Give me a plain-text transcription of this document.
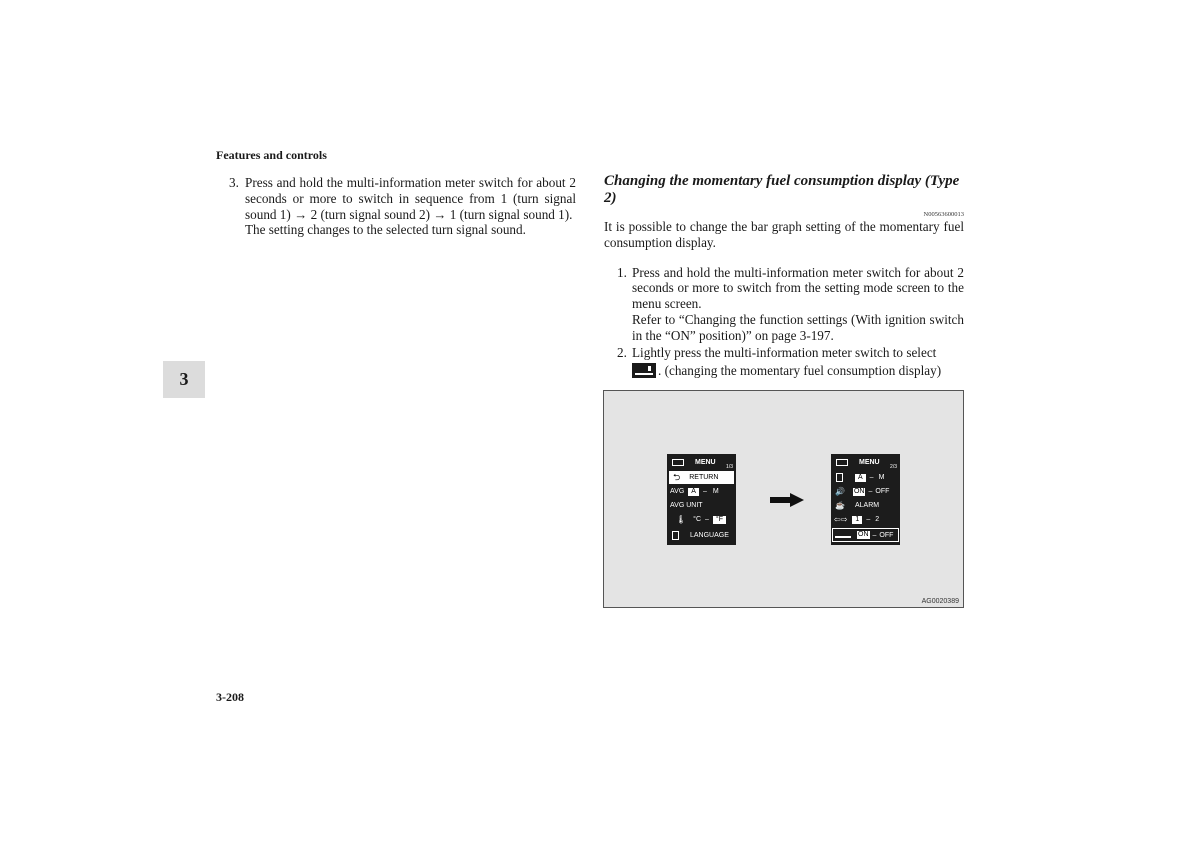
Features and controls
3
3-208
3. Press and hold the multi-information meter switch for about 2 seconds or more to switch in sequence from 1 (turn signal sound 1) → 2 (turn signal sound 2) → 1 (turn signal sound 1).

The setting changes to the selected turn signal sound.

Changing the momentary fuel consumption display (Type 2)

N00563600013

It is possible to change the bar graph setting of the momentary fuel consumption display.

1. Press and hold the multi-information meter switch for about 2 seconds or more to switch from the setting mode screen to the menu screen.

Refer to “Changing the function settings (With ignition switch in the “ON” position)” on page 3-197.

2. Lightly press the multi-information meter switch to select

. (changing the momentary fuel consumption display)

MENU
1/3
⮌ RETURN
AVG	A	– M
AVG UNIT
🌡 °C –	°F
LANGUAGE
MENU
2/3
A	– M
🔊 ON – OFF
☕ ALARM
⇦⇨	1	– 2
ON – OFF
AG0020389
